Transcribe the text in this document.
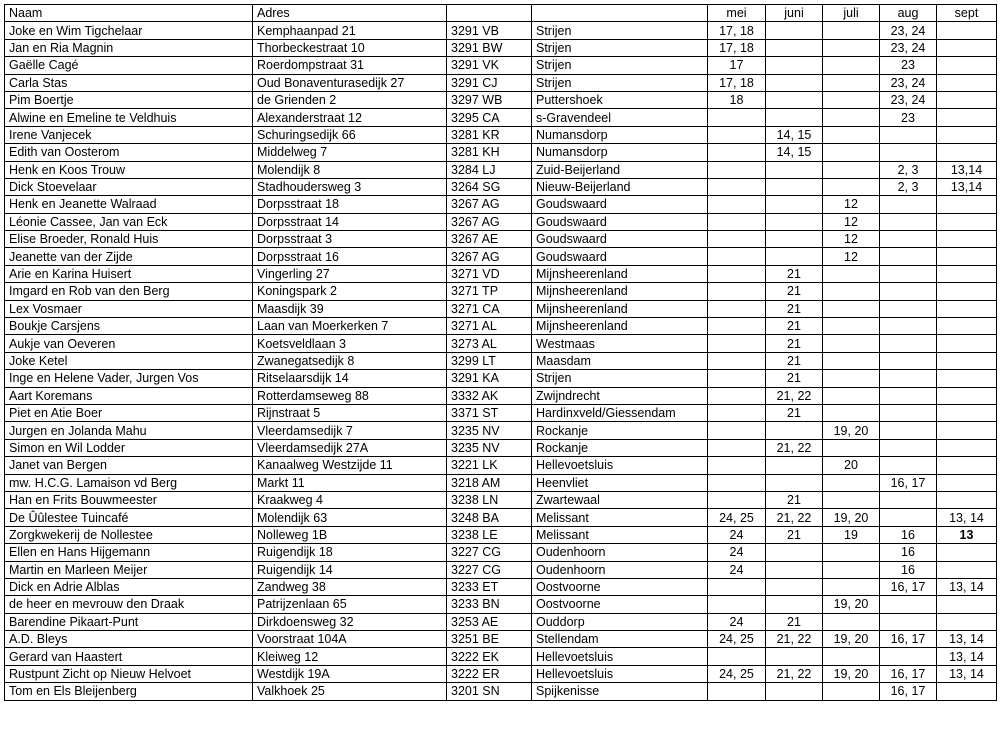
Naam	Adres			mei	juni	juli	aug	sept
Joke en Wim Tigchelaar	Kemphaanpad 21	3291 VB	Strijen	17, 18			23, 24	
Jan en Ria Magnin	Thorbeckestraat 10	3291 BW	Strijen	17, 18			23, 24	
Gaëlle Cagé	Roerdompstraat 31	3291 VK	Strijen	17			23	
Carla Stas	Oud Bonaventurasedijk 27	3291 CJ	Strijen	17, 18			23, 24	
Pim Boertje	de Grienden 2	3297 WB	Puttershoek	18			23, 24	
Alwine en Emeline te Veldhuis	Alexanderstraat 12	3295 CA	s-Gravendeel				23	
Irene Vanjecek	Schuringsedijk 66	3281 KR	Numansdorp		14, 15			
Edith van Oosterom	Middelweg 7	3281 KH	Numansdorp		14, 15			
Henk en Koos Trouw	Molendijk 8	3284 LJ	Zuid-Beijerland				2, 3	13,14
Dick Stoevelaar	Stadhoudersweg 3	3264 SG	Nieuw-Beijerland				2, 3	13,14
Henk en Jeanette Walraad	Dorpsstraat 18	3267 AG	Goudswaard			12		
Léonie Cassee, Jan van Eck	Dorpsstraat 14	3267 AG	Goudswaard			12		
Elise Broeder, Ronald Huis	Dorpsstraat 3	3267 AE	Goudswaard			12		
Jeanette van der Zijde	Dorpsstraat 16	3267 AG	Goudswaard			12		
Arie en Karina Huisert	Vingerling 27	3271 VD	Mijnsheerenland		21			
Imgard en Rob van den Berg	Koningspark 2	3271 TP	Mijnsheerenland		21			
Lex Vosmaer	Maasdijk 39	3271 CA	Mijnsheerenland		21			
Boukje Carsjens	Laan van Moerkerken 7	3271 AL	Mijnsheerenland		21			
Aukje van Oeveren	Koetsveldlaan 3	3273 AL	Westmaas		21			
Joke Ketel	Zwanegatsedijk 8	3299 LT	Maasdam		21			
Inge en Helene Vader, Jurgen Vos	Ritselaarsdijk 14	3291 KA	Strijen		21			
Aart Koremans	Rotterdamseweg 88	3332 AK	Zwijndrecht		21, 22			
Piet en Atie Boer	Rijnstraat 5	3371 ST	Hardinxveld/Giessendam		21			
Jurgen en Jolanda Mahu	Vleerdamsedijk 7	3235 NV	Rockanje			19, 20		
Simon en Wil Lodder	Vleerdamsedijk 27A	3235 NV	Rockanje		21, 22			
Janet van Bergen	Kanaalweg Westzijde 11	3221 LK	Hellevoetsluis			20		
mw. H.C.G. Lamaison vd Berg	Markt 11	3218 AM	Heenvliet				16, 17	
Han en Frits Bouwmeester	Kraakweg 4	3238 LN	Zwartewaal		21			
De Ûûlestee Tuincafé	Molendijk 63	3248 BA	Melissant	24, 25	21, 22	19, 20		13, 14
Zorgkwekerij de Nollestee	Nolleweg 1B	3238 LE	Melissant	24	21	19	16	13
Ellen en Hans Hijgemann	Ruigendijk 18	3227 CG	Oudenhoorn	24			16	
Martin en Marleen Meijer	Ruigendijk 14	3227 CG	Oudenhoorn	24			16	
Dick en Adrie Alblas	Zandweg 38	3233 ET	Oostvoorne				16, 17	13, 14
de heer en mevrouw den Draak	Patrijzenlaan 65	3233 BN	Oostvoorne			19, 20		
Barendine Pikaart-Punt	Dirkdoensweg 32	3253 AE	Ouddorp	24	21			
A.D. Bleys	Voorstraat 104A	3251 BE	Stellendam	24, 25	21, 22	19, 20	16, 17	13, 14
Gerard van Haastert	Kleiweg 12	3222 EK	Hellevoetsluis					13, 14
Rustpunt Zicht op Nieuw Helvoet	Westdijk 19A	3222 ER	Hellevoetsluis	24, 25	21, 22	19, 20	16, 17	13, 14
Tom en Els Bleijenberg	Valkhoek 25	3201 SN	Spijkenisse				16, 17	
